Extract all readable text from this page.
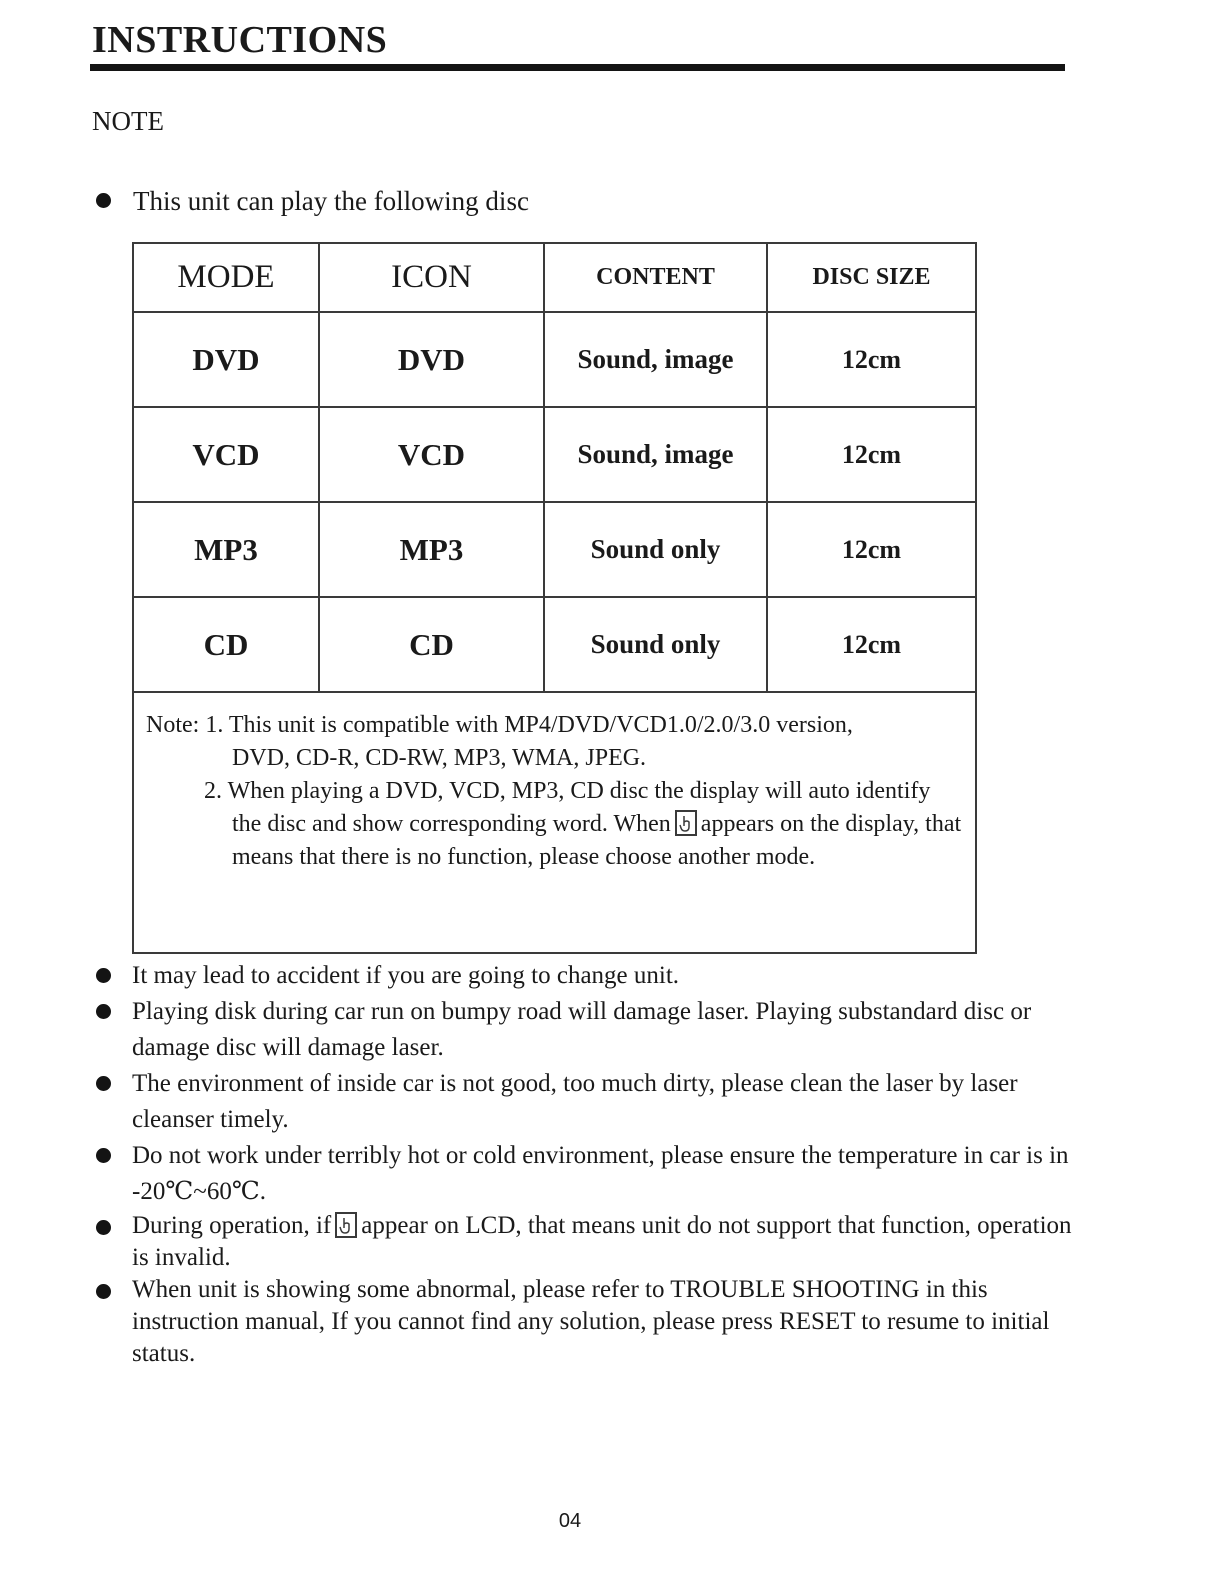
INSTRUCTIONS
NOTE
This unit can play the following disc
MODE	ICON	CONTENT	DISC SIZE
DVD	DVD	Sound, image	12cm
VCD	VCD	Sound, image	12cm
MP3	MP3	Sound only	12cm
CD	CD	Sound only	12cm

Note: 1. This unit is compatible with MP4/DVD/VCD1.0/2.0/3.0 version,
DVD, CD-R, CD-RW, MP3, WMA, JPEG.
2. When playing a DVD, VCD, MP3, CD disc the display will auto identify the disc and show corresponding word. When appears on the display, that means that there is no function, please choose another mode.			
It may lead to accident if you are going to change unit.
Playing disk during car run on bumpy road will damage laser. Playing substandard disc or damage disc will damage laser.
The environment of inside car is not good, too much dirty, please clean the laser by laser cleanser timely.
Do not work under terribly hot or cold environment, please ensure the temperature in car is in -20℃~60℃.
During operation, if appear on LCD, that means unit do not support that function, operation is invalid.
When unit is showing some abnormal, please refer to TROUBLE SHOOTING in this instruction manual, If you cannot find any solution, please press RESET to resume to initial status.
04
